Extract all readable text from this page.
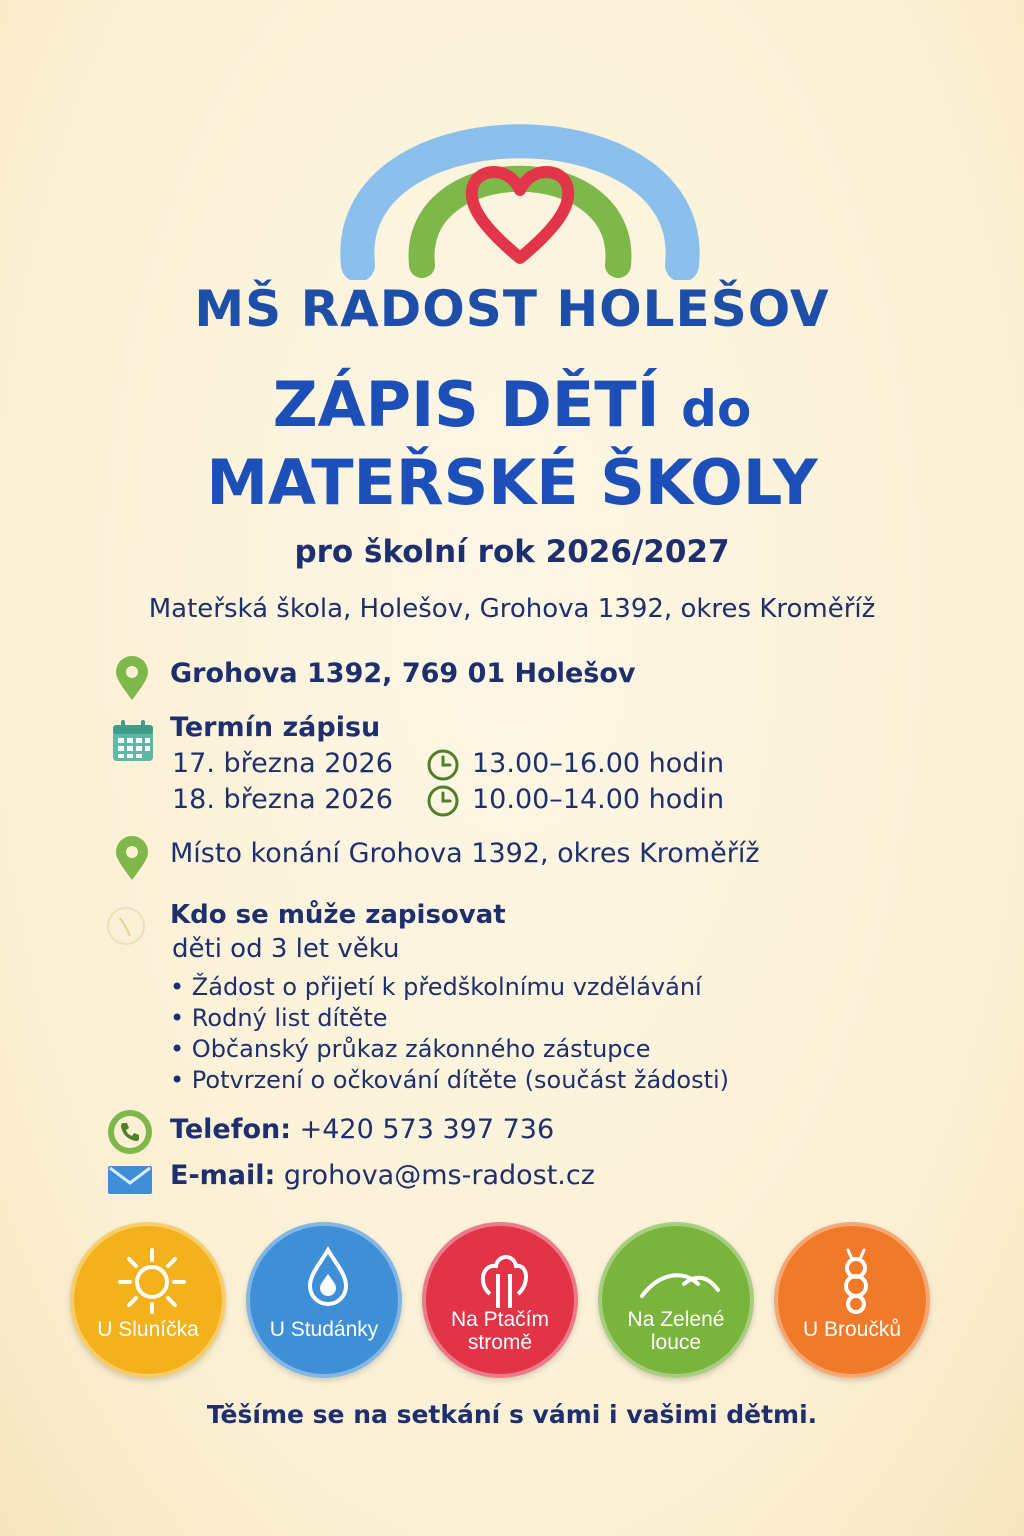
MŠ RADOST HOLEŠOV
ZÁPIS DĚTÍ do
MATEŘSKÉ ŠKOLY
pro školní rok 2026/2027
Mateřská škola, Holešov, Grohova 1392, okres Kroměříž
Grohova 1392, 769 01 Holešov
Termín zápisu
17. března 2026	13.00–16.00 hodin
18. března 2026	10.00–14.00 hodin
Místo konání Grohova 1392, okres Kroměříž
Kdo se může zapisovat
děti od 3 let věku
• Žádost o přijetí k předškolnímu vzdělávání
• Rodný list dítěte
• Občanský průkaz zákonného zástupce
• Potvrzení o očkování dítěte (součást žádosti)
Telefon: +420 573 397 736
E-mail: grohova@ms-radost.cz
U Sluníčka	U Studánky	Na Ptačím
stromě
Na Zelené
louce
U Broučků
Těšíme se na setkání s vámi i vašimi dětmi.
